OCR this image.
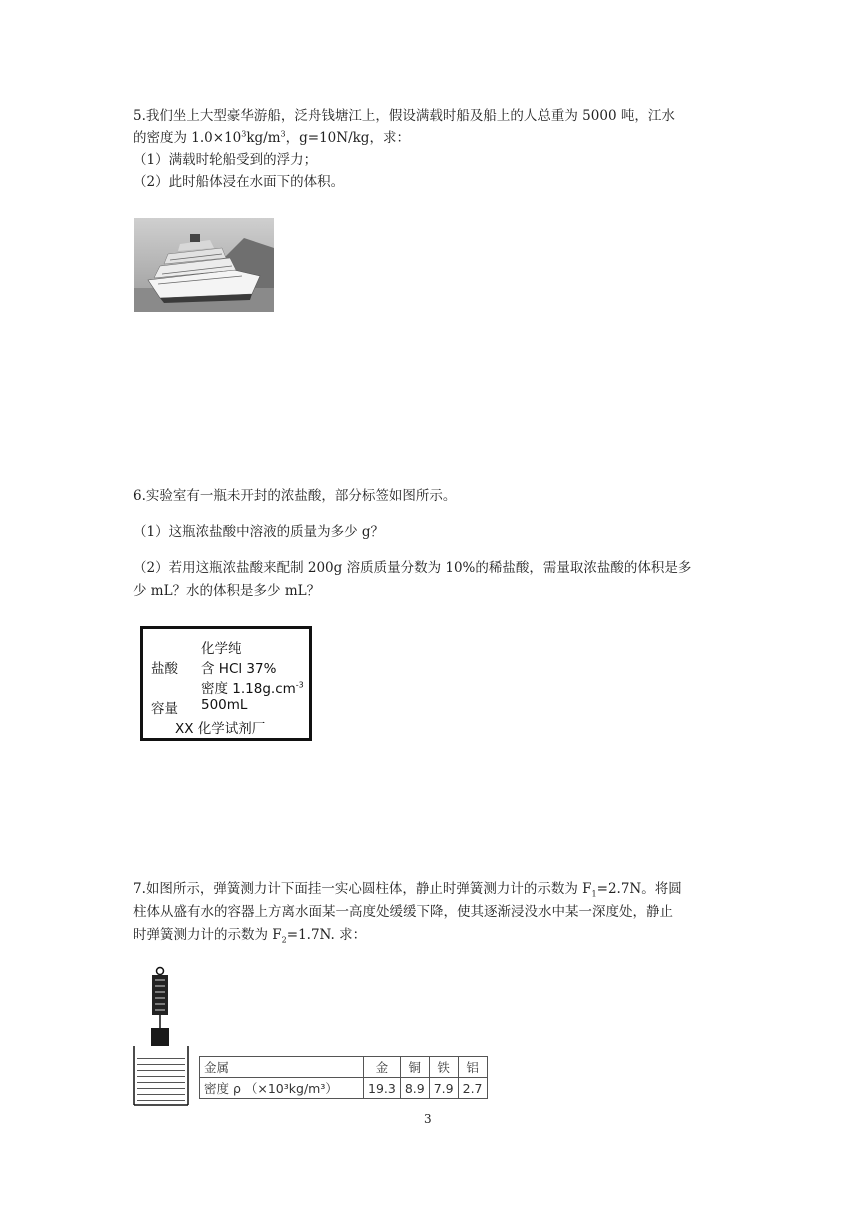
5.我们坐上大型豪华游船，泛舟钱塘江上，假设满载时船及船上的人总重为 5000 吨，江水
的密度为 $1.0\times 10^3kg/m^3$，g=10N/kg，求：
（1）满载时轮船受到的浮力；
（2）此时船体浸在水面下的体积。
6.实验室有一瓶未开封的浓盐酸，部分标签如图所示。
（1）这瓶浓盐酸中溶液的质量为多少 g？
（2）若用这瓶浓盐酸来配制 200g 溶质质量分数为 10%的稀盐酸，需量取浓盐酸的体积是多
少 mL？水的体积是多少 mL？
化学纯
盐酸 含 HCl 37%
密度 $1.18g.cm^{-3}$
容量 500mL
XX 化学试剂厂
7.如图所示，弹簧测力计下面挂一实心圆柱体，静止时弹簧测力计的示数为 $F_1=2.7N$。将圆
柱体从盛有水的容器上方离水面某一高度处缓缓下降，使其逐渐浸没水中某一深度处，静止
时弹簧测力计的示数为 $F_2=1.7N$. 求：
金属	金	铜	铁	铝
密度 ρ （×10³kg/m³）	19.3	8.9	7.9	2.7
3
